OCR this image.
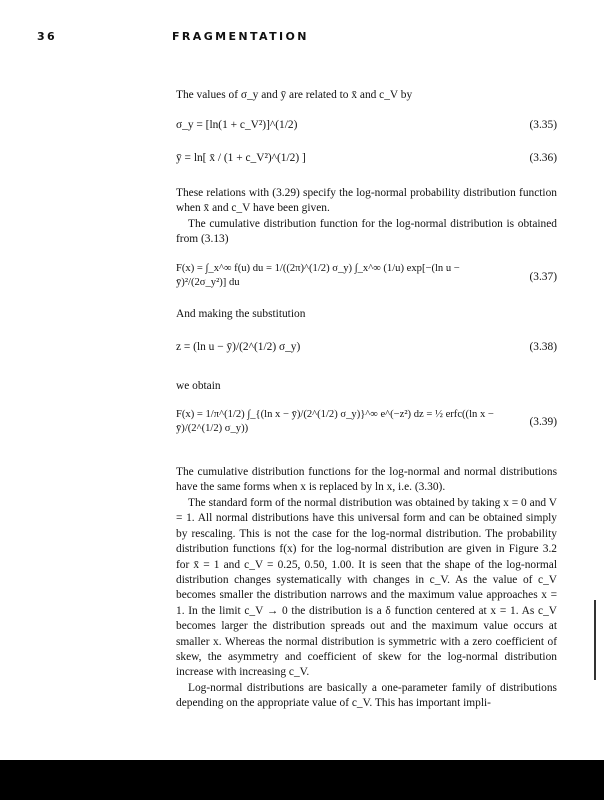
36	FRAGMENTATION
The values of σ_y and ȳ are related to x̄ and c_V by
σ_y = [ln(1 + c_V²)]^(1/2)	(3.35)
ȳ = ln[ x̄ / (1 + c_V²)^(1/2) ]	(3.36)
These relations with (3.29) specify the log-normal probability distribution function when x̄ and c_V have been given.
The cumulative distribution function for the log-normal distribution is obtained from (3.13)
F(x) = ∫_x^∞ f(u) du = 1/((2π)^(1/2) σ_y) ∫_x^∞ (1/u) exp[−(ln u − ȳ)²/(2σ_y²)] du	(3.37)
And making the substitution
z = (ln u − ȳ)/(2^(1/2) σ_y)	(3.38)
we obtain
F(x) = 1/π^(1/2) ∫_{(ln x − ȳ)/(2^(1/2) σ_y)}^∞ e^(−z²) dz = ½ erfc((ln x − ȳ)/(2^(1/2) σ_y))
(3.39)
The cumulative distribution functions for the log-normal and normal distributions have the same forms when x is replaced by ln x, i.e. (3.30).
The standard form of the normal distribution was obtained by taking x = 0 and V = 1. All normal distributions have this universal form and can be obtained simply by rescaling. This is not the case for the log-normal distribution. The probability distribution functions f(x) for the log-normal distribution are given in Figure 3.2 for x̄ = 1 and c_V = 0.25, 0.50, 1.00. It is seen that the shape of the log-normal distribution changes systematically with changes in c_V. As the value of c_V becomes smaller the distribution narrows and the maximum value approaches x = 1. In the limit c_V → 0 the distribution is a δ function centered at x = 1. As c_V becomes larger the distribution spreads out and the maximum value occurs at smaller x. Whereas the normal distribution is symmetric with a zero coefficient of skew, the asymmetry and coefficient of skew for the log-normal distribution increase with increasing c_V.
Log-normal distributions are basically a one-parameter family of distributions depending on the appropriate value of c_V. This has important impli-
